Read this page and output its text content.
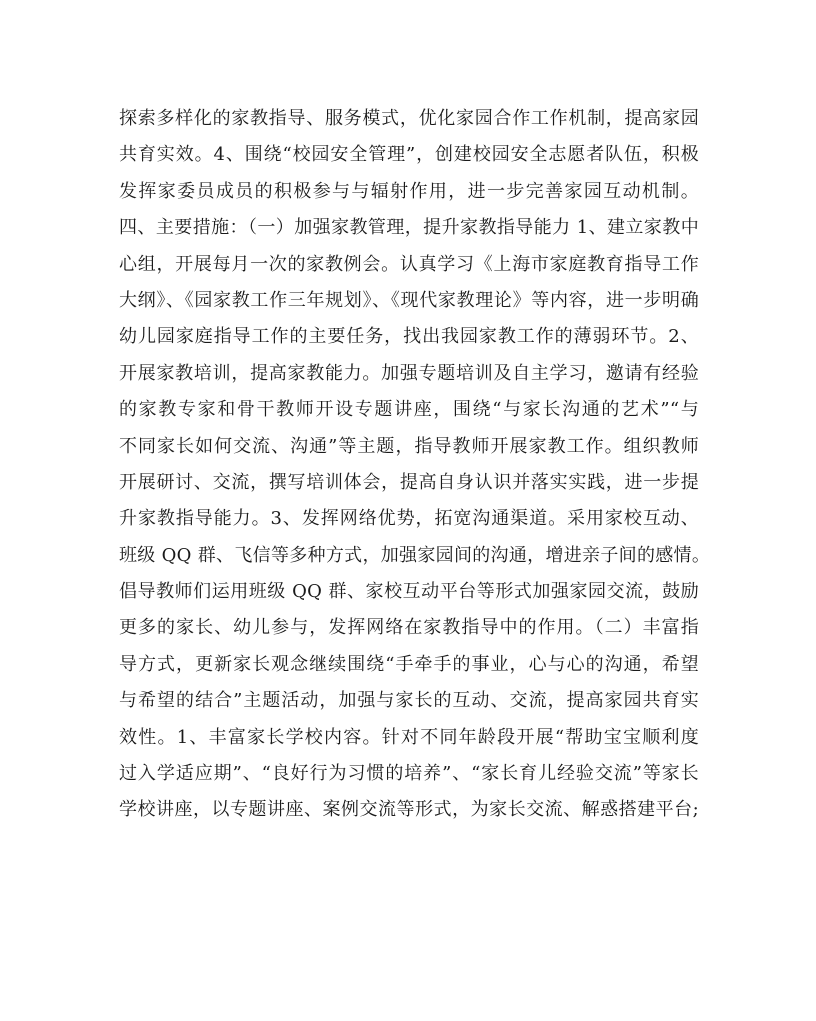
探索多样化的家教指导、服务模式，优化家园合作工作机制，提高家园
共育实效。4、围绕“校园安全管理”，创建校园安全志愿者队伍，积极
发挥家委员成员的积极参与与辐射作用，进一步完善家园互动机制。
四、主要措施：（一）加强家教管理，提升家教指导能力 1、建立家教中
心组，开展每月一次的家教例会。认真学习《上海市家庭教育指导工作
大纲》、《园家教工作三年规划》、《现代家教理论》等内容，进一步明确
幼儿园家庭指导工作的主要任务，找出我园家教工作的薄弱环节。2、
开展家教培训，提高家教能力。加强专题培训及自主学习，邀请有经验
的家教专家和骨干教师开设专题讲座，围绕“与家长沟通的艺术”“与
不同家长如何交流、沟通”等主题，指导教师开展家教工作。组织教师
开展研讨、交流，撰写培训体会，提高自身认识并落实实践，进一步提
升家教指导能力。3、发挥网络优势，拓宽沟通渠道。采用家校互动、
班级 QQ 群、飞信等多种方式，加强家园间的沟通，增进亲子间的感情。
倡导教师们运用班级 QQ 群、家校互动平台等形式加强家园交流，鼓励
更多的家长、幼儿参与，发挥网络在家教指导中的作用。（二）丰富指
导方式，更新家长观念继续围绕“手牵手的事业，心与心的沟通，希望
与希望的结合”主题活动，加强与家长的互动、交流，提高家园共育实
效性。1、丰富家长学校内容。针对不同年龄段开展“帮助宝宝顺利度
过入学适应期”、“良好行为习惯的培养”、“家长育儿经验交流”等家长
学校讲座，以专题讲座、案例交流等形式，为家长交流、解惑搭建平台;
